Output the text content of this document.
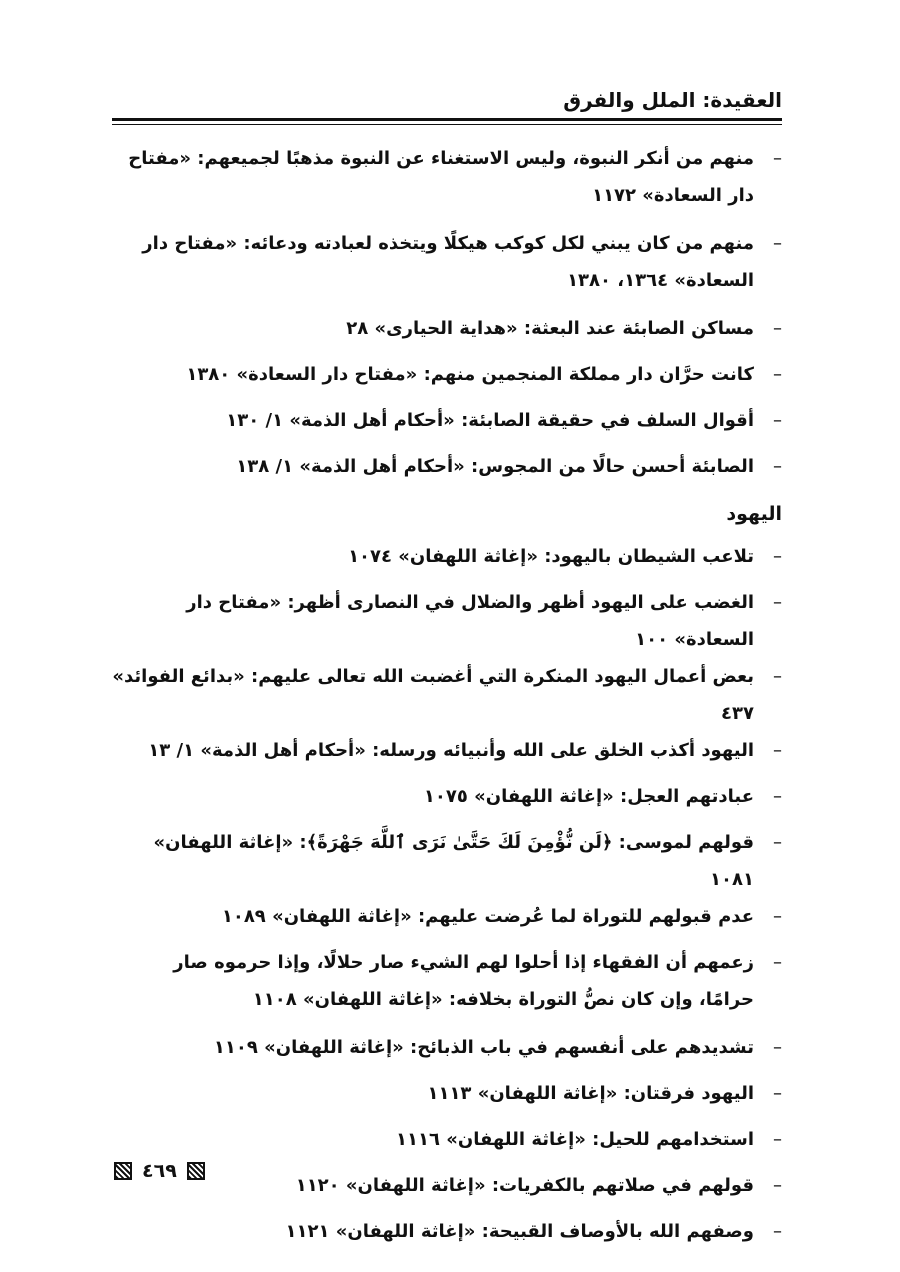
العقيدة: الملل والفرق
–
منهم من أنكر النبوة، وليس الاستغناء عن النبوة مذهبًا لجميعهم: «مفتاح دار السعادة» ١١٧٢
–
منهم من كان يبني لكل كوكب هيكلًا ويتخذه لعبادته ودعائه: «مفتاح دار السعادة» ١٣٦٤، ١٣٨٠
–
مساكن الصابئة عند البعثة: «هداية الحيارى» ٢٨
–
كانت حرَّان دار مملكة المنجمين منهم: «مفتاح دار السعادة» ١٣٨٠
–
أقوال السلف في حقيقة الصابئة: «أحكام أهل الذمة» ١/ ١٣٠
–
الصابئة أحسن حالًا من المجوس: «أحكام أهل الذمة» ١/ ١٣٨
اليهود
–
تلاعب الشيطان باليهود: «إغاثة اللهفان» ١٠٧٤
–
الغضب على اليهود أظهر والضلال في النصارى أظهر: «مفتاح دار السعادة» ١٠٠
–
بعض أعمال اليهود المنكرة التي أغضبت الله تعالى عليهم: «بدائع الفوائد» ٤٣٧
–
اليهود أكذب الخلق على الله وأنبيائه ورسله: «أحكام أهل الذمة» ١/ ١٣
–
عبادتهم العجل: «إغاثة اللهفان» ١٠٧٥
–
قولهم لموسى: ﴿لَن نُّؤْمِنَ لَكَ حَتَّىٰ نَرَى ٱللَّهَ جَهْرَةً﴾: «إغاثة اللهفان» ١٠٨١
–
عدم قبولهم للتوراة لما عُرضت عليهم: «إغاثة اللهفان» ١٠٨٩
–
زعمهم أن الفقهاء إذا أحلوا لهم الشيء صار حلالًا، وإذا حرموه صار حرامًا، وإن كان نصُّ التوراة بخلافه: «إغاثة اللهفان» ١١٠٨
–
تشديدهم على أنفسهم في باب الذبائح: «إغاثة اللهفان» ١١٠٩
–
اليهود فرقتان: «إغاثة اللهفان» ١١١٣
–
استخدامهم للحيل: «إغاثة اللهفان» ١١١٦
–
قولهم في صلاتهم بالكفريات: «إغاثة اللهفان» ١١٢٠
–
وصفهم الله بالأوصاف القبيحة: «إغاثة اللهفان» ١١٢١
٤٦٩
